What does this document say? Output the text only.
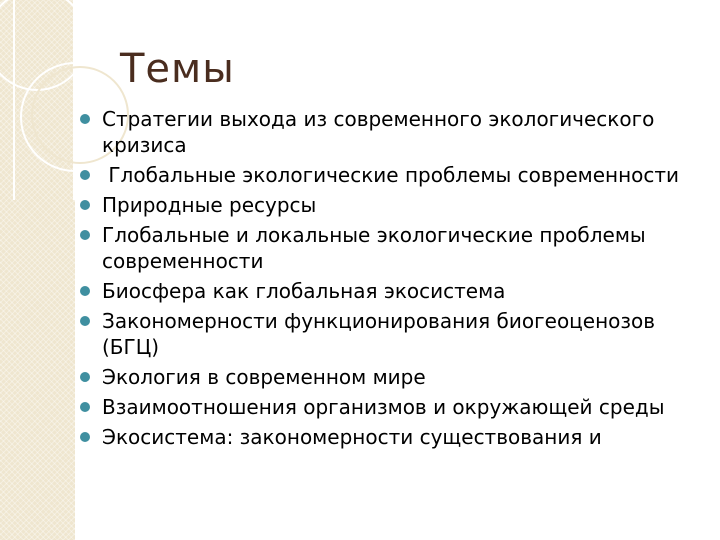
Темы
Стратегии выхода из современного экологического кризиса
Глобальные экологические проблемы современности
Природные ресурсы
Глобальные и локальные экологические проблемы современности
Биосфера как глобальная экосистема
Закономерности функционирования биогеоценозов (БГЦ)
Экология в современном мире
Взаимоотношения организмов и окружающей среды
Экосистема: закономерности существования и
